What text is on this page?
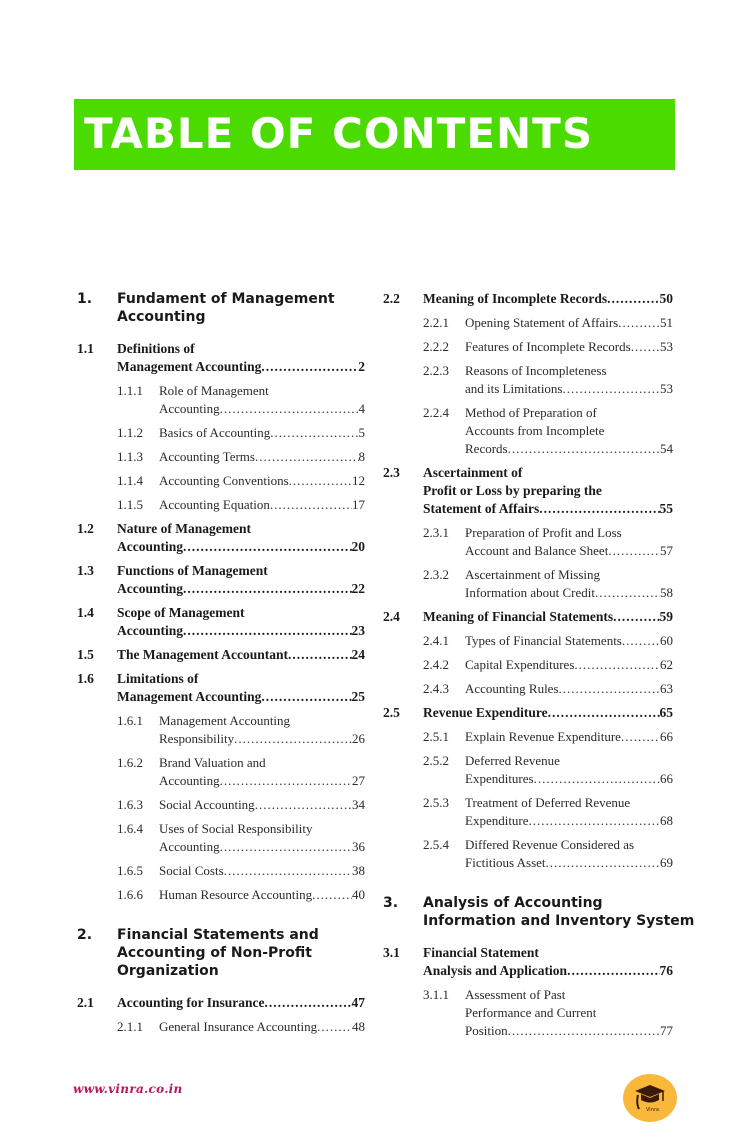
TABLE OF CONTENTS
1.	Fundament of Management
Accounting
1.1	Definitions of
Management Accounting .....	2
1.1.1	Role of Management
Accounting .....	4
1.1.2	Basics of Accounting .....	5
1.1.3	Accounting Terms .....	8
1.1.4	Accounting Conventions .....	12
1.1.5	Accounting Equation .....	17
1.2	Nature of Management
Accounting .....	20
1.3	Functions of Management
Accounting .....	22
1.4	Scope of Management
Accounting .....	23
1.5	The Management Accountant .....	24
1.6	Limitations of
Management Accounting .....	25
1.6.1	Management Accounting
Responsibility .....	26
1.6.2	Brand Valuation and
Accounting .....	27
1.6.3	Social Accounting .....	34
1.6.4	Uses of Social Responsibility
Accounting .....	36
1.6.5	Social Costs .....	38
1.6.6	Human Resource Accounting .....	40
2.	Financial Statements and
Accounting of Non-Profit
Organization
2.1	Accounting for Insurance .....	47
2.1.1	General Insurance Accounting .....	48
2.2	Meaning of Incomplete Records .....	50
2.2.1	Opening Statement of Affairs .....	51
2.2.2	Features of Incomplete Records ..... 53
2.2.3	Reasons of Incompleteness
and its Limitations .....	53
2.2.4	Method of Preparation of
Accounts from Incomplete
Records .....	54
2.3	Ascertainment of
Profit or Loss by preparing the
Statement of Affairs .....	55
2.3.1	Preparation of Profit and Loss
Account and Balance Sheet .....	57
2.3.2	Ascertainment of Missing
Information about Credit .....	58
2.4	Meaning of Financial Statements .....	59
2.4.1	Types of Financial Statements .....	60
2.4.2	Capital Expenditures .....	62
2.4.3	Accounting Rules .....	63
2.5	Revenue Expenditure .....	65
2.5.1	Explain Revenue Expenditure .....	66
2.5.2	Deferred Revenue
Expenditures .....	66
2.5.3	Treatment of Deferred Revenue
Expenditure .....	68
2.5.4	Differed Revenue Considered as
Fictitious Asset .....	69
3.	Analysis of Accounting
Information and Inventory System
3.1	Financial Statement
Analysis and Application .....	76
3.1.1	Assessment of Past
Performance and Current
Position .....	77
www.vinra.co.in
Vinra
